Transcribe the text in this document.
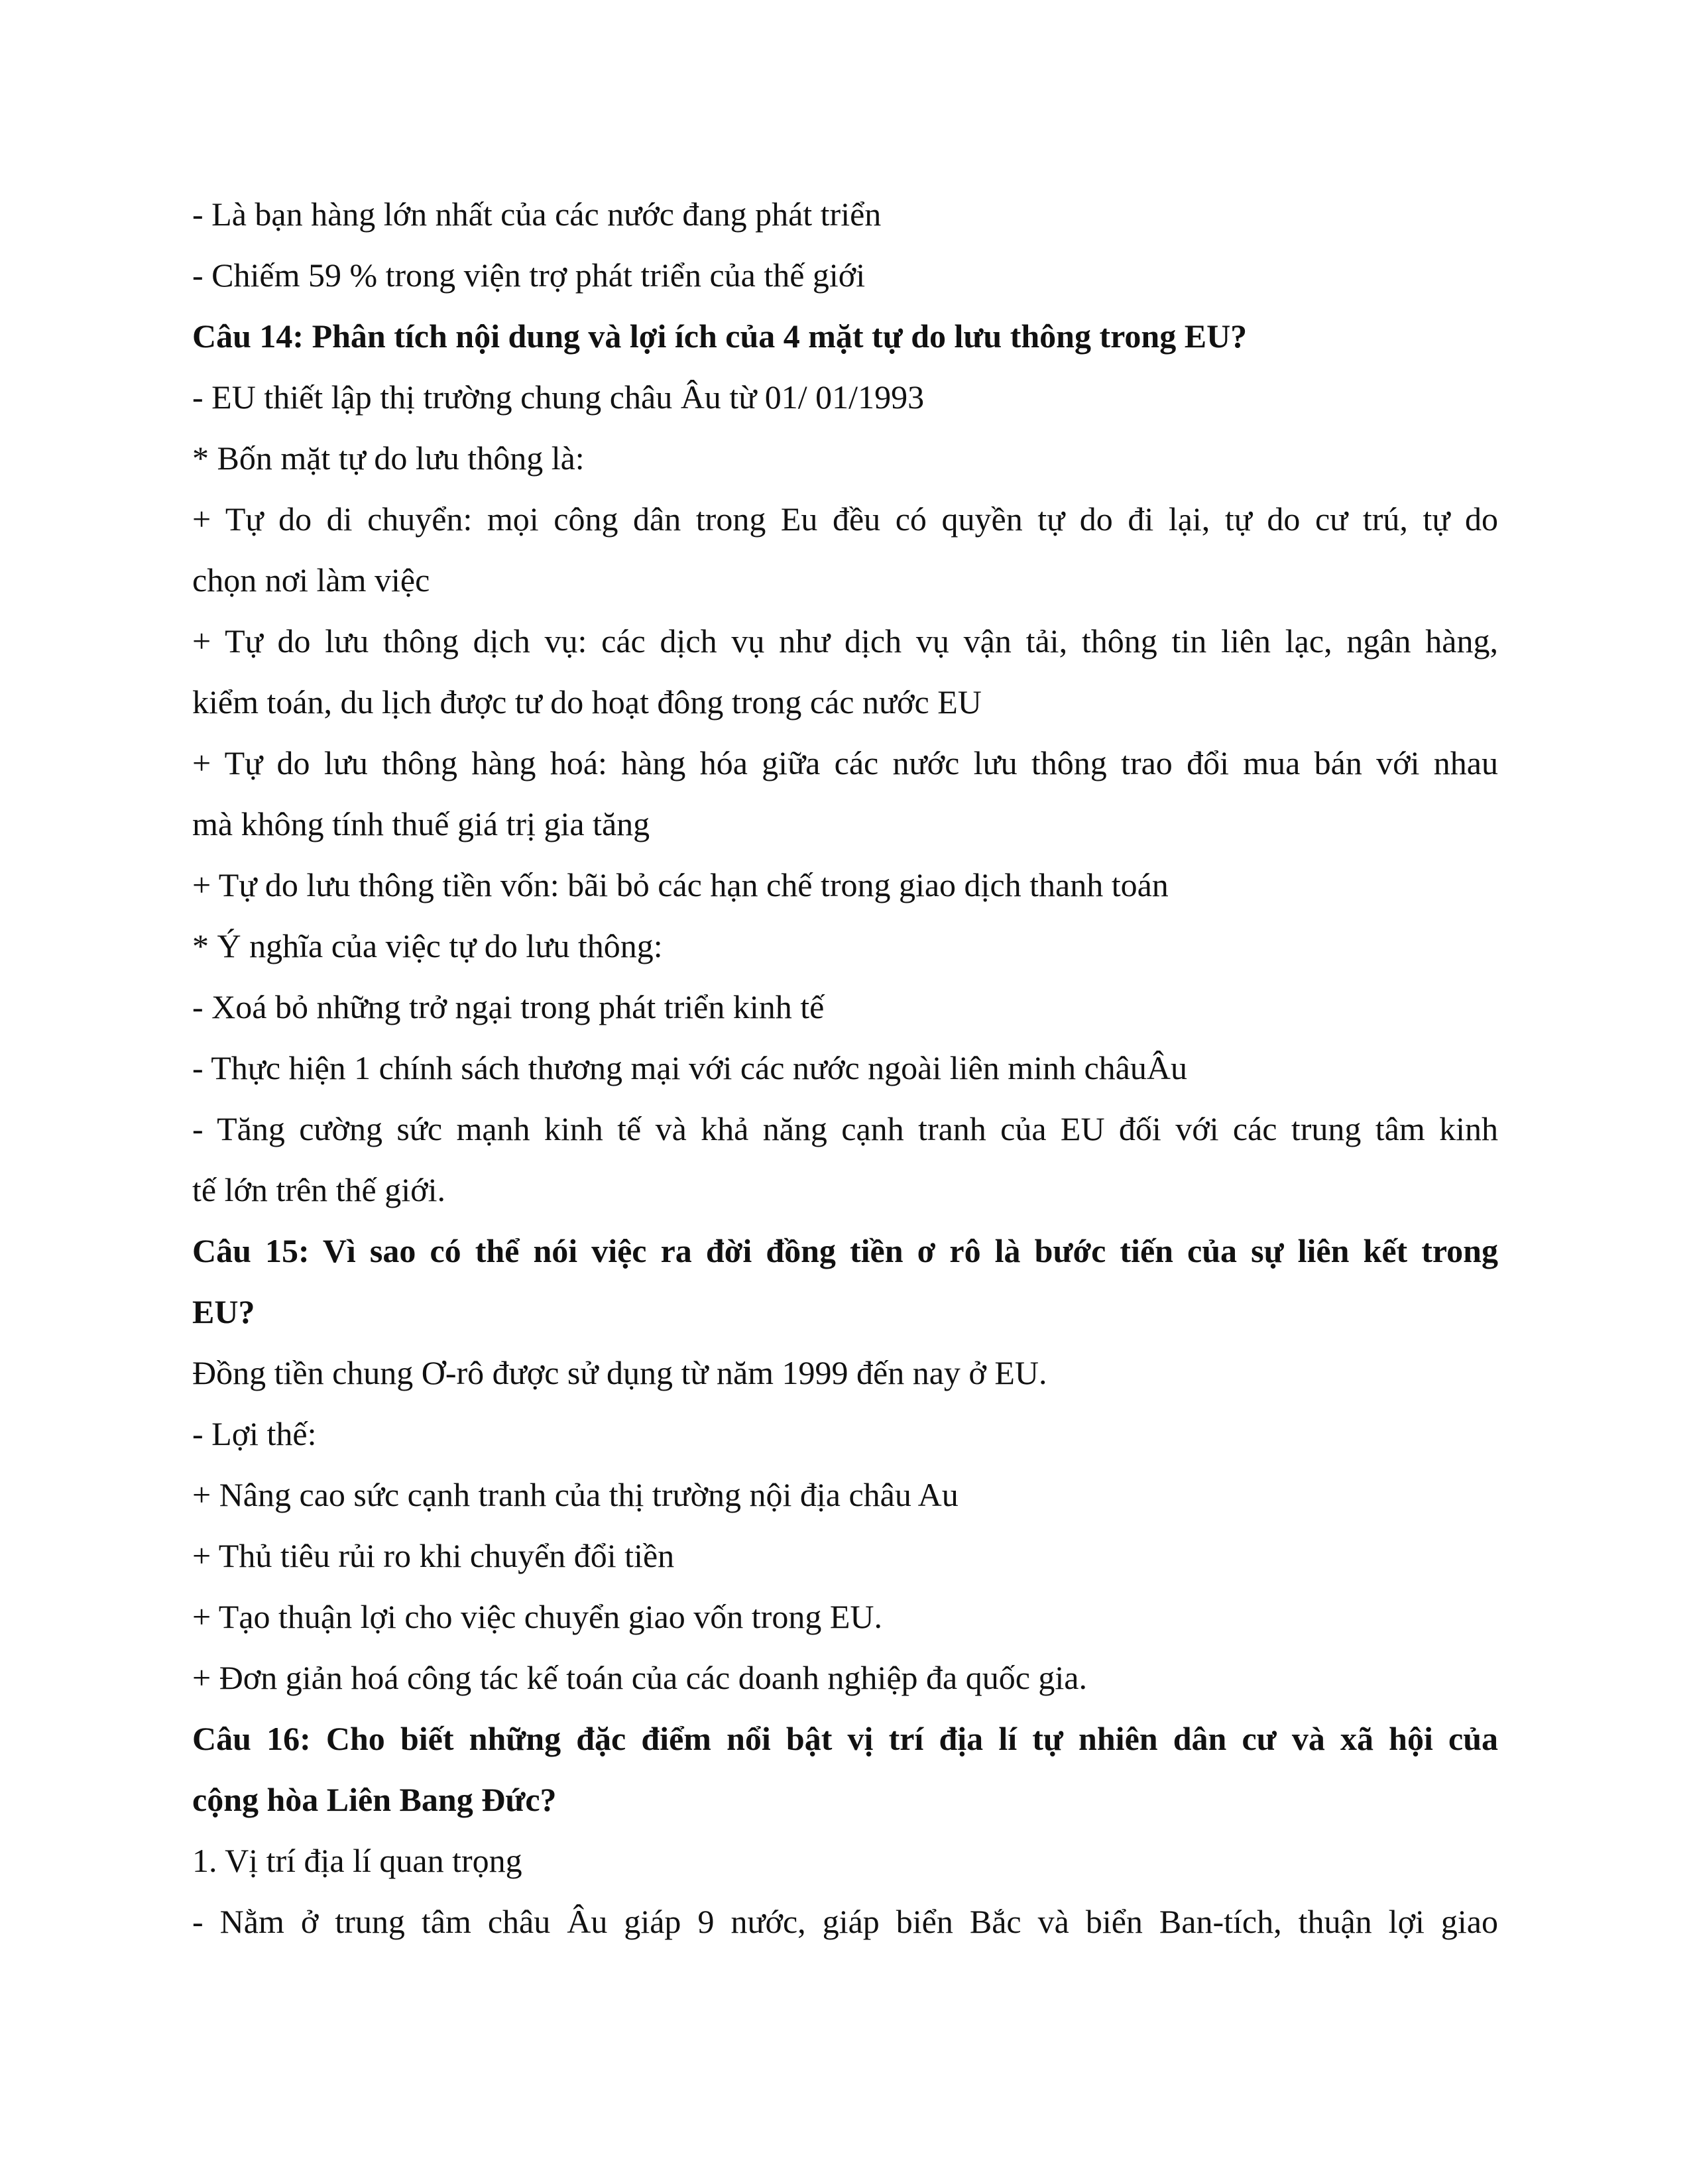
- Là bạn hàng lớn nhất của các nước đang phát triển
- Chiếm 59 % trong viện trợ phát triển của thế giới
Câu 14: Phân tích nội dung và lợi ích của 4 mặt tự do lưu thông trong EU?
- EU thiết lập thị trường chung châu Âu từ 01/ 01/1993
* Bốn mặt tự do lưu thông là:
+ Tự do di chuyển: mọi công dân trong Eu đều có quyền tự do đi lại, tự do cư trú, tự do
chọn nơi làm việc
+ Tự do lưu thông dịch vụ: các dịch vụ như dịch vụ vận tải, thông tin liên lạc, ngân hàng,
kiểm toán, du lịch được tư do hoạt đông trong các nước EU
+ Tự do lưu thông hàng hoá: hàng hóa giữa các nước lưu thông trao đổi mua bán với nhau
mà không tính thuế giá trị gia tăng
+ Tự do lưu thông tiền vốn: bãi bỏ các hạn chế trong giao dịch thanh toán
* Ý nghĩa của việc tự do lưu thông:
- Xoá bỏ những trở ngại trong phát triển kinh tế
- Thực hiện 1 chính sách thương mại với các nước ngoài liên minh châuÂu
- Tăng cường sức mạnh kinh tế và khả năng cạnh tranh của EU đối với các trung tâm kinh
tế lớn trên thế giới.
Câu 15: Vì sao có thể nói việc ra đời đồng tiền ơ rô là bước tiến của sự liên kết trong
EU?
Đồng tiền chung Ơ-rô được sử dụng từ năm 1999 đến nay ở EU.
- Lợi thế:
+ Nâng cao sức cạnh tranh của thị trường nội địa châu Au
+ Thủ tiêu rủi ro khi chuyển đổi tiền
+ Tạo thuận lợi cho việc chuyển giao vốn trong EU.
+ Đơn giản hoá công tác kế toán của các doanh nghiệp đa quốc gia.
Câu 16: Cho biết những đặc điểm nổi bật vị trí địa lí tự nhiên dân cư và xã hội của
cộng hòa Liên Bang Đức?
1. Vị trí địa lí quan trọng
- Nằm ở trung tâm châu Âu giáp 9 nước, giáp biển Bắc và biển Ban-tích, thuận lợi giao
